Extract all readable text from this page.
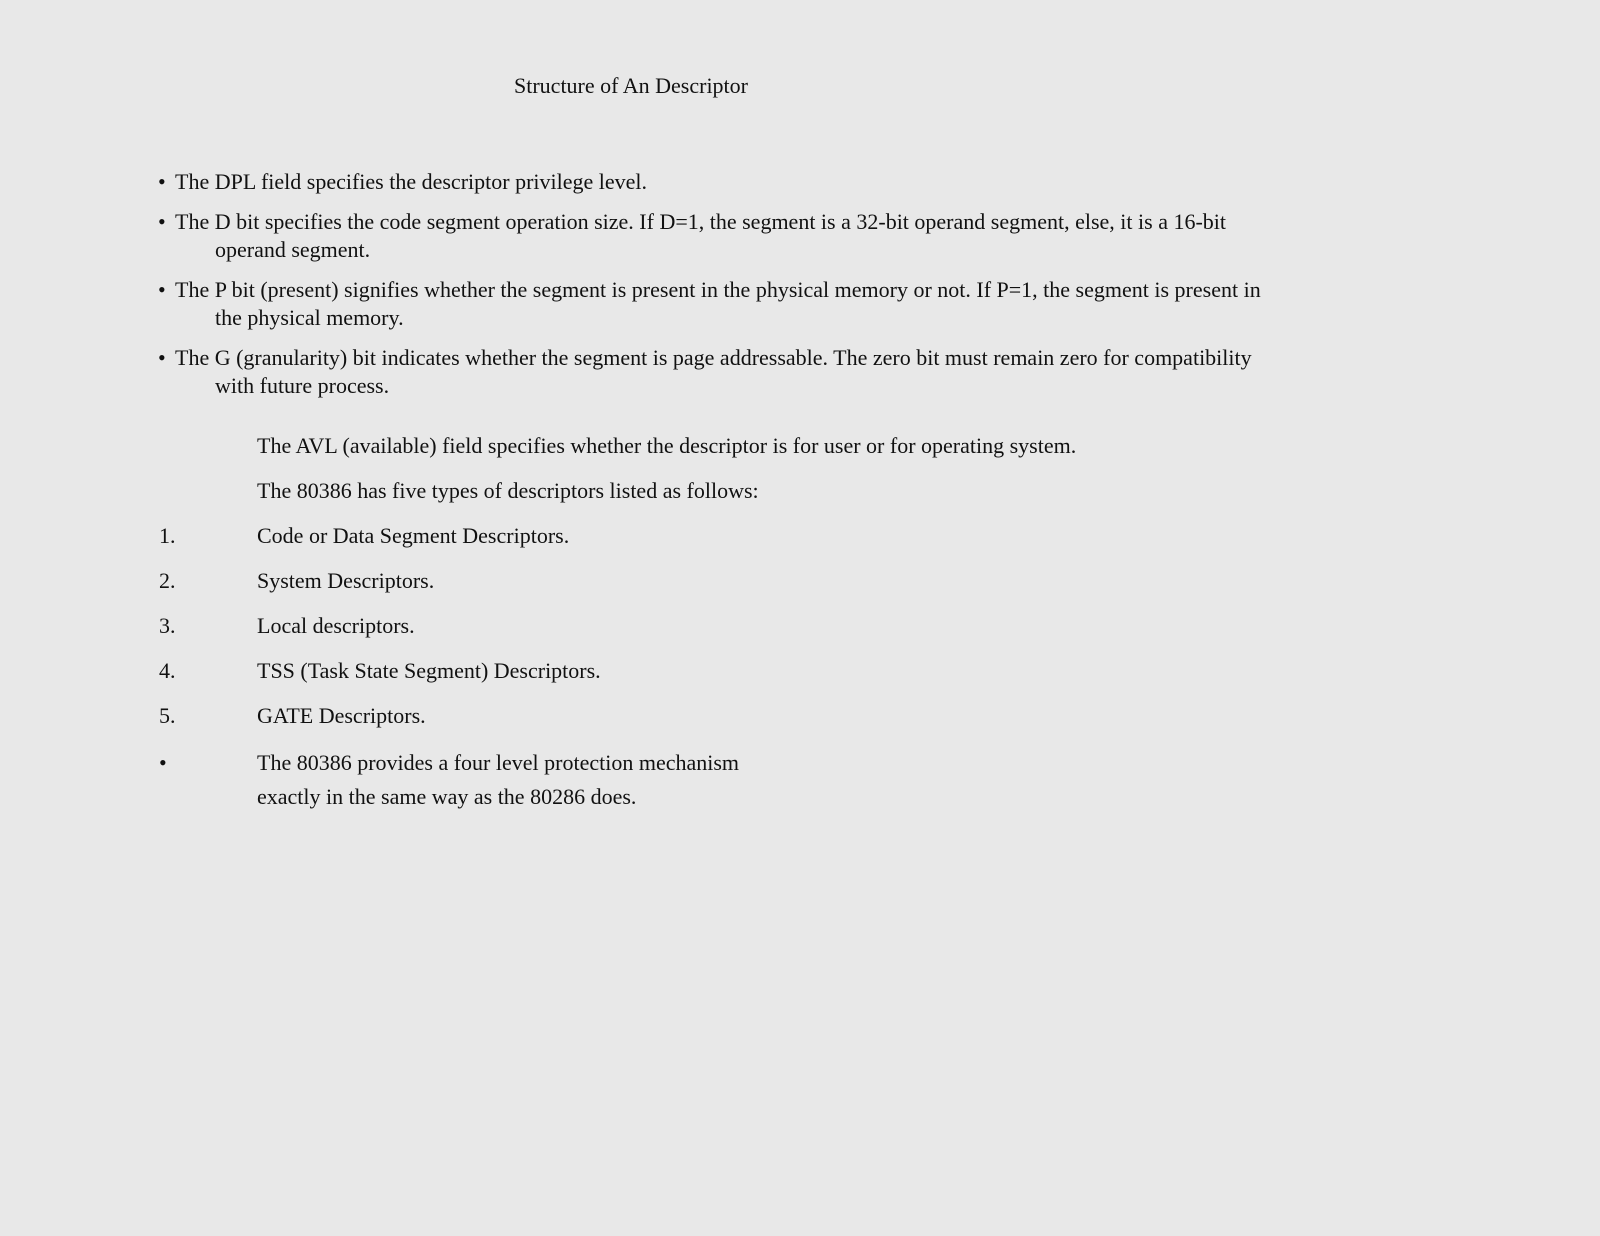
Structure of An Descriptor
• The DPL field specifies the descriptor privilege level.
• The D bit specifies the code segment operation size. If D=1, the segment is a 32-bit operand segment, else, it is a 16-bit
operand segment.
• The P bit (present) signifies whether the segment is present in the physical memory or not. If P=1, the segment is present in
the physical memory.
• The G (granularity) bit indicates whether the segment is page addressable. The zero bit must remain zero for compatibility
with future process.
The AVL (available) field specifies whether the descriptor is for user or for operating system.
The 80386 has five types of descriptors listed as follows:
1.	Code or Data Segment Descriptors.
2.	System Descriptors.
3.	Local descriptors.
4.	TSS (Task State Segment) Descriptors.
5.	GATE Descriptors.
•	The 80386 provides a four level protection mechanism
exactly in the same way as the 80286 does.
